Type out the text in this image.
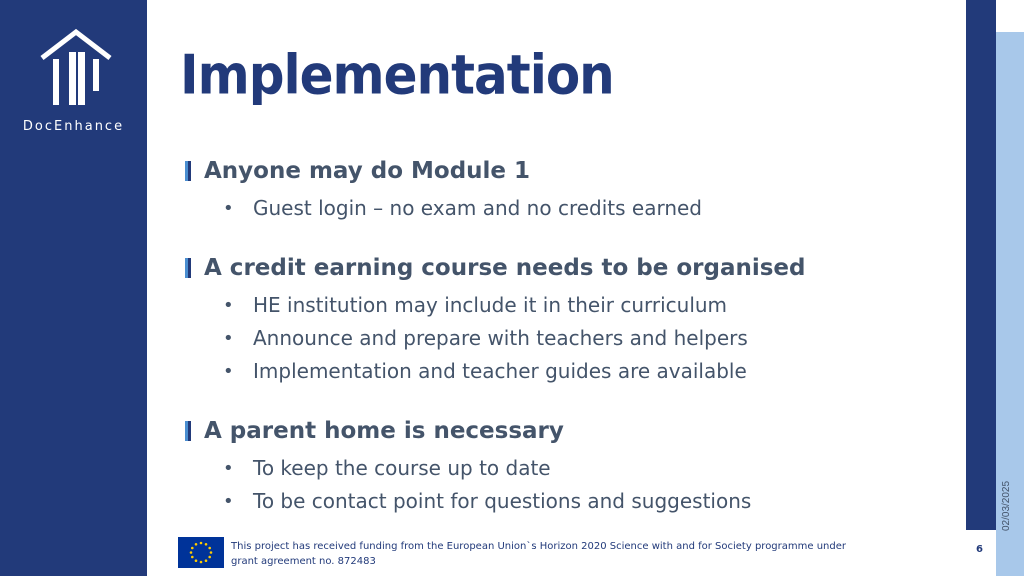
DocEnhance
Implementation
Anyone may do Module 1
• Guest login – no exam and no credits earned
A credit earning course needs to be organised
• HE institution may include it in their curriculum
• Announce and prepare with teachers and helpers
• Implementation and teacher guides are available
A parent home is necessary
• To keep the course up to date
• To be contact point for questions and suggestions	02/03/2025
6
This project has received funding from the European Union`s Horizon 2020 Science with and for Society programme under
grant agreement no. 872483
